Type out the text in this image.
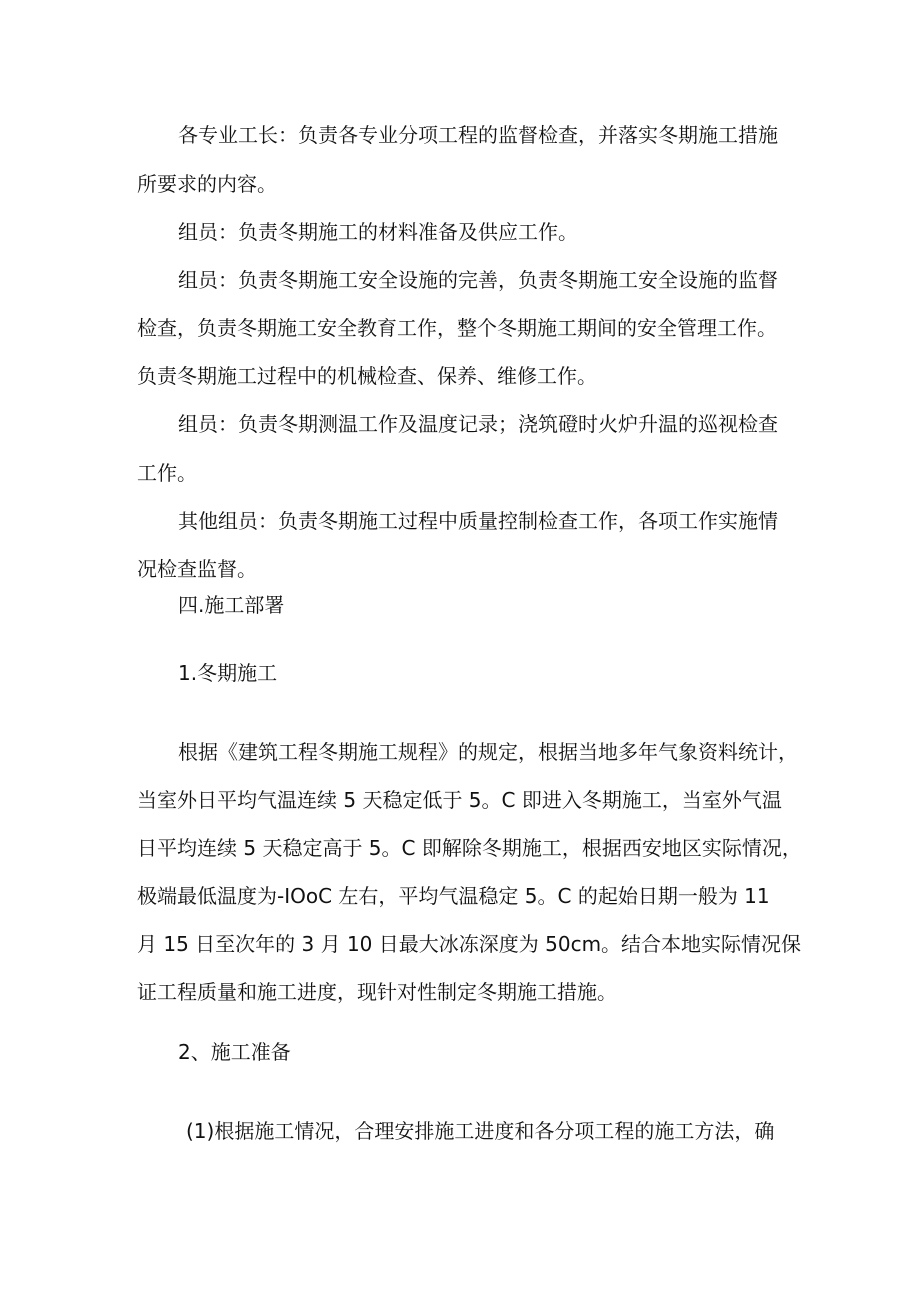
各专业工长：负责各专业分项工程的监督检查，并落实冬期施工措施
所要求的内容。
组员：负责冬期施工的材料准备及供应工作。
组员：负责冬期施工安全设施的完善，负责冬期施工安全设施的监督
检查，负责冬期施工安全教育工作，整个冬期施工期间的安全管理工作。
负责冬期施工过程中的机械检查、保养、维修工作。
组员：负责冬期测温工作及温度记录；浇筑磴时火炉升温的巡视检查
工作。
其他组员：负责冬期施工过程中质量控制检查工作，各项工作实施情
况检查监督。
四.施工部署
1.冬期施工
根据《建筑工程冬期施工规程》的规定，根据当地多年气象资料统计，
当室外日平均气温连续 5 天稳定低于 5。C 即进入冬期施工，当室外气温
日平均连续 5 天稳定高于 5。C 即解除冬期施工，根据西安地区实际情况，
极端最低温度为-IOoC 左右，平均气温稳定 5。C 的起始日期一般为 11
月 15 日至次年的 3 月 10 日最大冰冻深度为 50cm。结合本地实际情况保
证工程质量和施工进度，现针对性制定冬期施工措施。
2、施工准备
(1)根据施工情况，合理安排施工进度和各分项工程的施工方法，确
